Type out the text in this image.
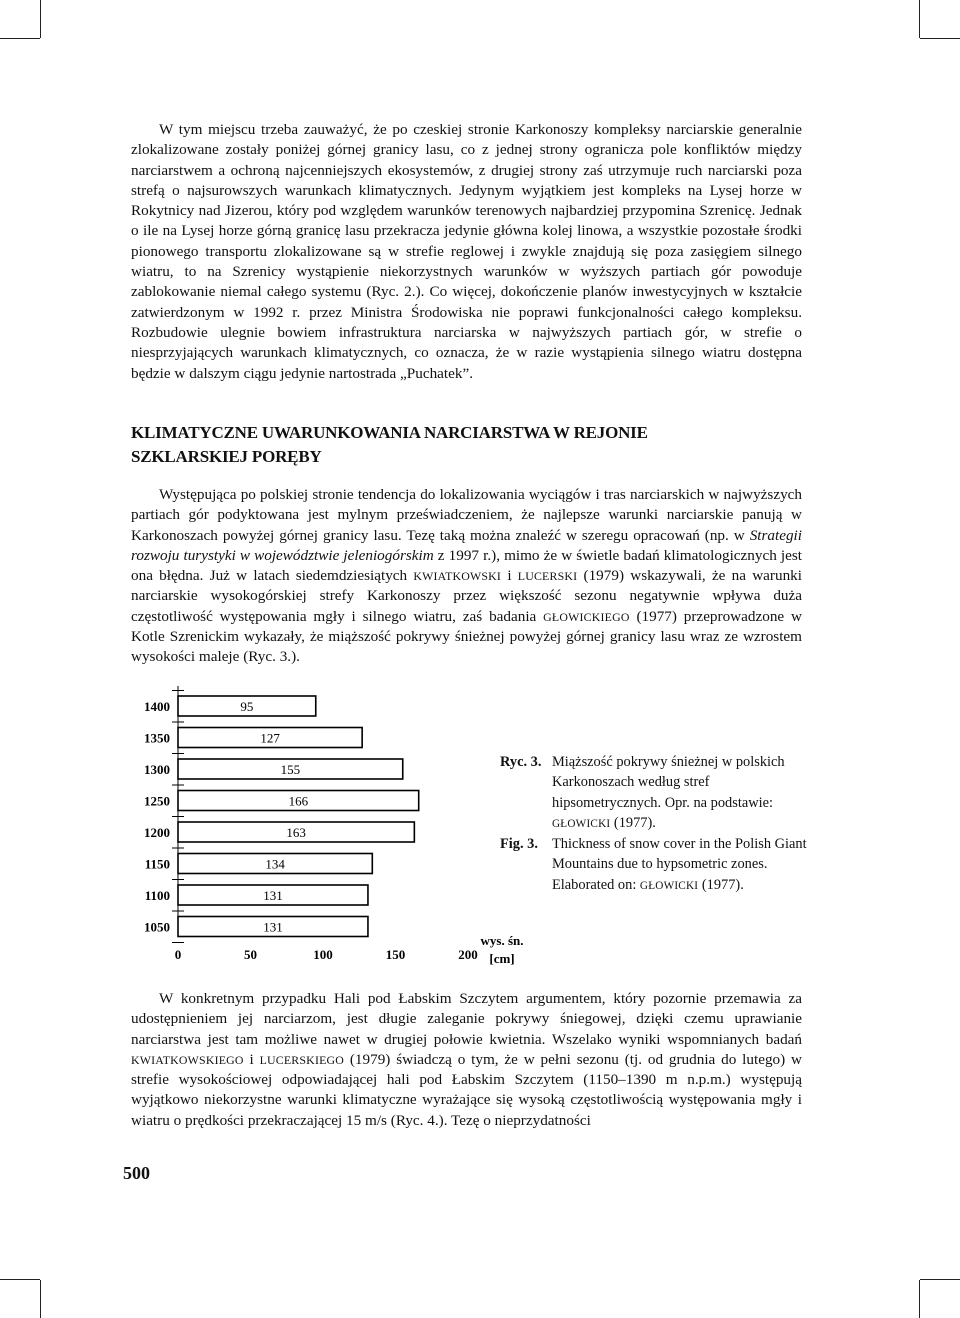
W tym miejscu trzeba zauważyć, że po czeskiej stronie Karkonoszy kompleksy narciarskie generalnie zlokalizowane zostały poniżej górnej granicy lasu, co z jednej strony ogranicza pole konfliktów między narciarstwem a ochroną najcenniejszych ekosystemów, z drugiej strony zaś utrzymuje ruch narciarski poza strefą o najsurowszych warunkach klimatycznych. Jedynym wyjątkiem jest kompleks na Lysej horze w Rokytnicy nad Jizerou, który pod względem warunków terenowych najbardziej przypomina Szrenicę. Jednak o ile na Lysej horze górną granicę lasu przekracza jedynie główna kolej linowa, a wszystkie pozostałe środki pionowego transportu zlokalizowane są w strefie reglowej i zwykle znajdują się poza zasięgiem silnego wiatru, to na Szrenicy wystąpienie niekorzystnych warunków w wyższych partiach gór powoduje zablokowanie niemal całego systemu (Ryc. 2.). Co więcej, dokończenie planów inwestycyjnych w kształcie zatwierdzonym w 1992 r. przez Ministra Środowiska nie poprawi funkcjonalności całego kompleksu. Rozbudowie ulegnie bowiem infrastruktura narciarska w najwyższych partiach gór, w strefie o niesprzyjających warunkach klimatycznych, co oznacza, że w razie wystąpienia silnego wiatru dostępna będzie w dalszym ciągu jedynie nartostrada „Puchatek”.

KLIMATYCZNE UWARUNKOWANIA NARCIARSTWA W REJONIE
SZKLARSKIEJ PORĘBY

Występująca po polskiej stronie tendencja do lokalizowania wyciągów i tras narciarskich w najwyższych partiach gór podyktowana jest mylnym przeświadczeniem, że najlepsze warunki narciarskie panują w Karkonoszach powyżej górnej granicy lasu. Tezę taką można znaleźć w szeregu opracowań (np. w Strategii rozwoju turystyki w województwie jeleniogórskim z 1997 r.), mimo że w świetle badań klimatologicznych jest ona błędna. Już w latach siedemdziesiątych KWIATKOWSKI i LUCERSKI (1979) wskazywali, że na warunki narciarskie wysokogórskiej strefy Karkonoszy przez większość sezonu negatywnie wpływa duża częstotliwość występowania mgły i silnego wiatru, zaś badania GŁOWICKIEGO (1977) przeprowadzone w Kotle Szrenickim wykazały, że miąższość pokrywy śnieżnej powyżej górnej granicy lasu wraz ze wzrostem wysokości maleje (Ryc. 3.).

1400	95
1350	127
1300	155
1250	166
1200	163
1150	134
1100	131
1050	131
0	50	100	150	200
wys. śn.
[cm]
Ryc. 3. Miąższość pokrywy śnieżnej w polskich Karkonoszach według stref hipsometrycznych. Opr. na podstawie: GŁOWICKI (1977).
Fig. 3. Thickness of snow cover in the Polish Giant Mountains due to hypsometric zones. Elaborated on: GŁOWICKI (1977).

W konkretnym przypadku Hali pod Łabskim Szczytem argumentem, który pozornie przemawia za udostępnieniem jej narciarzom, jest długie zaleganie pokrywy śniegowej, dzięki czemu uprawianie narciarstwa jest tam możliwe nawet w drugiej połowie kwietnia. Wszelako wyniki wspomnianych badań KWIATKOWSKIEGO i LUCERSKIEGO (1979) świadczą o tym, że w pełni sezonu (tj. od grudnia do lutego) w strefie wysokościowej odpowiadającej hali pod Łabskim Szczytem (1150–1390 m n.p.m.) występują wyjątkowo niekorzystne warunki klimatyczne wyrażające się wysoką częstotliwością występowania mgły i wiatru o prędkości przekraczającej 15 m/s (Ryc. 4.). Tezę o nieprzydatności

500
